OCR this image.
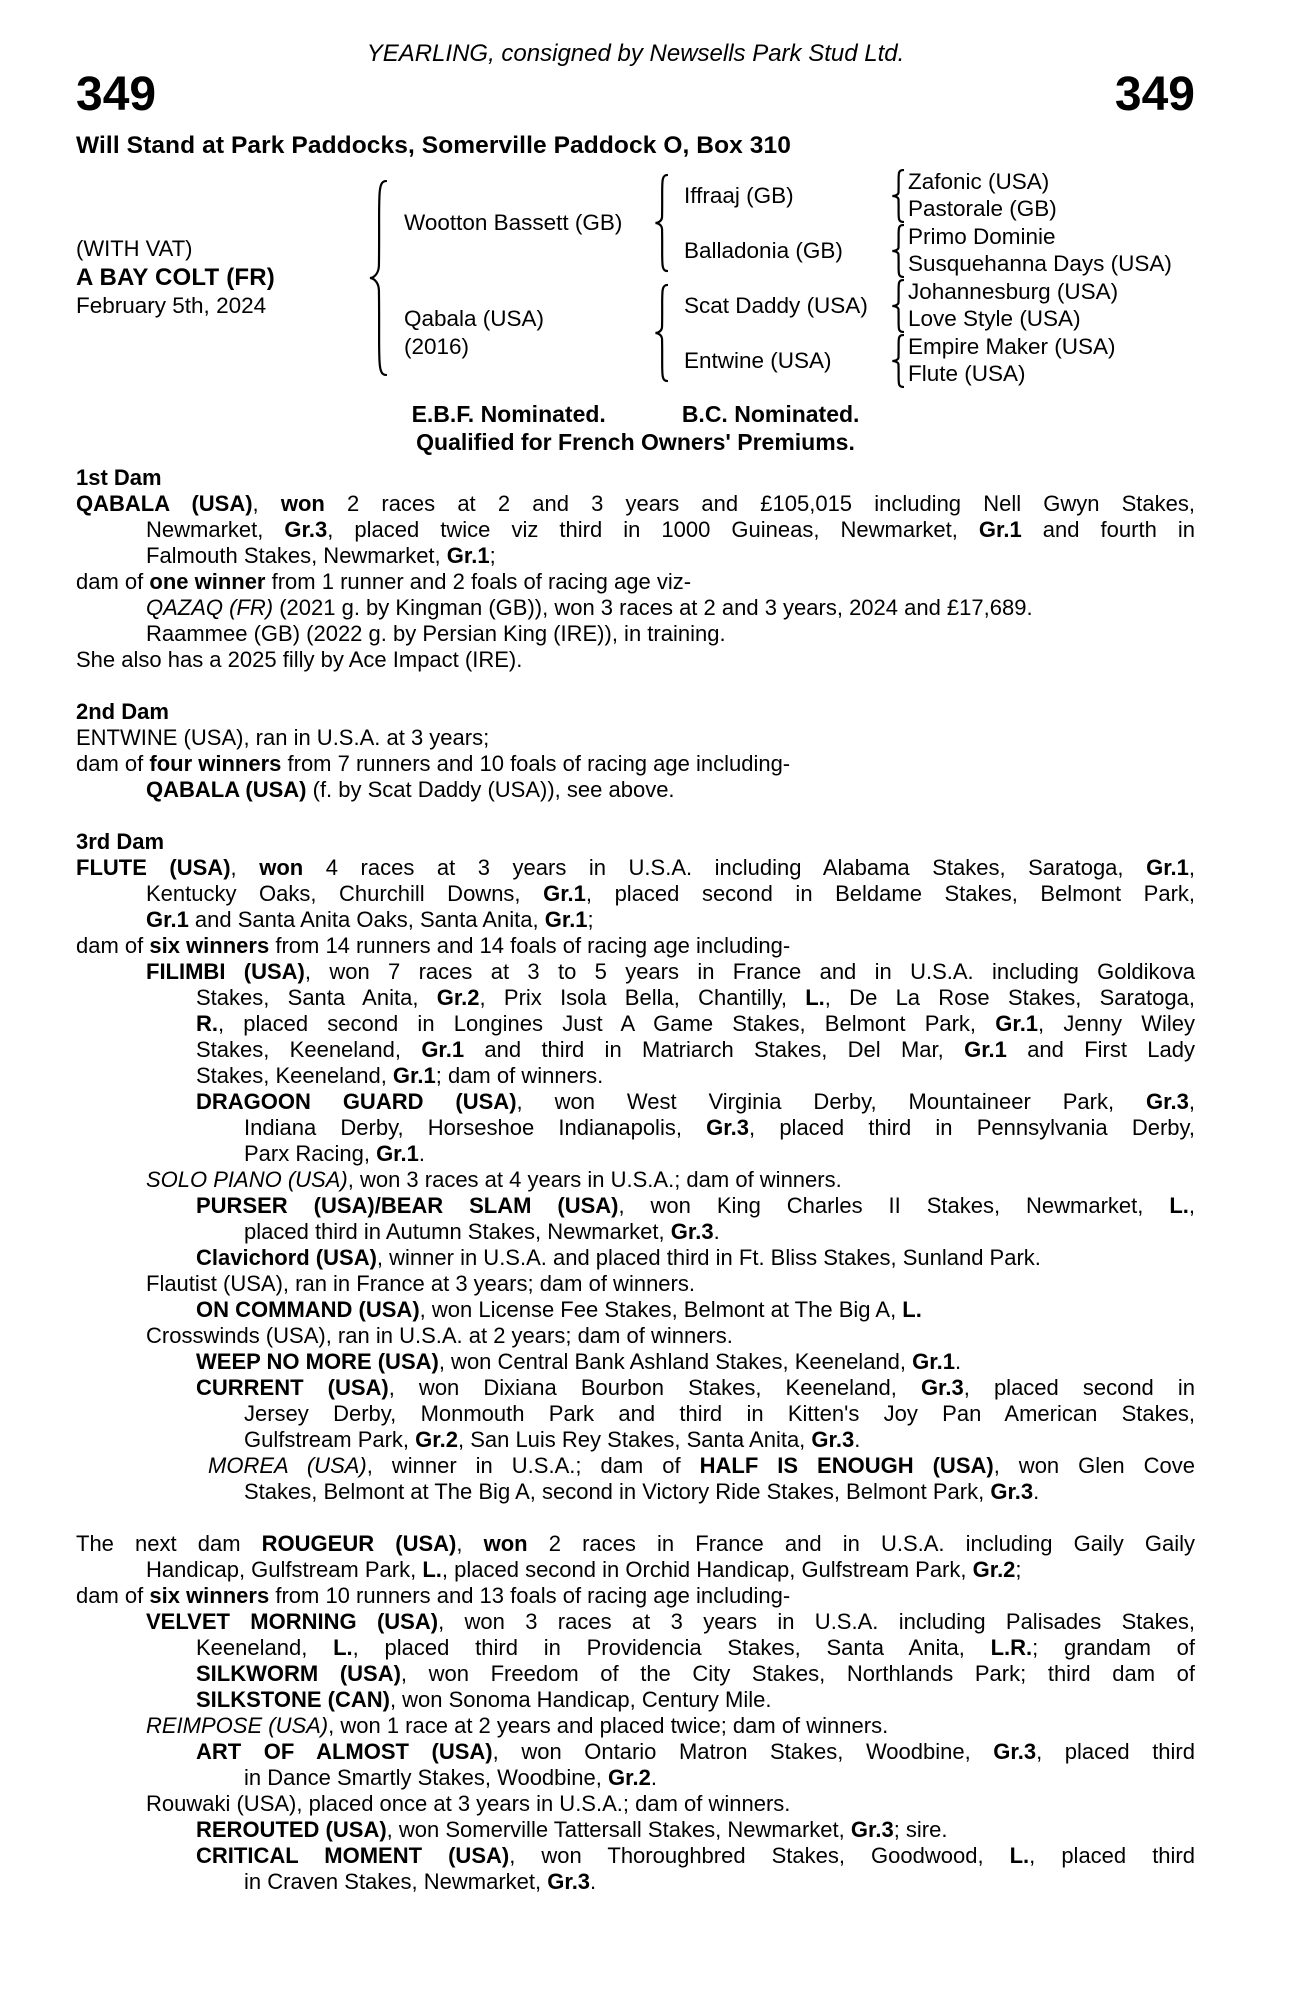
YEARLING, consigned by Newsells Park Stud Ltd.
349	349
Will Stand at Park Paddocks, Somerville Paddock O, Box 310
(WITH VAT)
A BAY COLT (FR)
February 5th, 2024
Wootton Bassett (GB)
Qabala (USA)
(2016)
Iffraaj (GB)
Balladonia (GB)
Scat Daddy (USA)
Entwine (USA)
Zafonic (USA)
Pastorale (GB)
Primo Dominie
Susquehanna Days (USA)
Johannesburg (USA)
Love Style (USA)
Empire Maker (USA)
Flute (USA)
E.B.F. Nominated.	B.C. Nominated.
Qualified for French Owners' Premiums.
1st Dam
QABALA (USA), won 2 races at 2 and 3 years and £105,015 including Nell Gwyn Stakes,
Newmarket, Gr.3, placed twice viz third in 1000 Guineas, Newmarket, Gr.1 and fourth in
Falmouth Stakes, Newmarket, Gr.1;
dam of one winner from 1 runner and 2 foals of racing age viz-
QAZAQ (FR) (2021 g. by Kingman (GB)), won 3 races at 2 and 3 years, 2024 and £17,689.
Raammee (GB) (2022 g. by Persian King (IRE)), in training.
She also has a 2025 filly by Ace Impact (IRE).
2nd Dam
ENTWINE (USA), ran in U.S.A. at 3 years;
dam of four winners from 7 runners and 10 foals of racing age including-
QABALA (USA) (f. by Scat Daddy (USA)), see above.
3rd Dam
FLUTE (USA), won 4 races at 3 years in U.S.A. including Alabama Stakes, Saratoga, Gr.1,
Kentucky Oaks, Churchill Downs, Gr.1, placed second in Beldame Stakes, Belmont Park,
Gr.1 and Santa Anita Oaks, Santa Anita, Gr.1;
dam of six winners from 14 runners and 14 foals of racing age including-
FILIMBI (USA), won 7 races at 3 to 5 years in France and in U.S.A. including Goldikova
Stakes, Santa Anita, Gr.2, Prix Isola Bella, Chantilly, L., De La Rose Stakes, Saratoga,
R., placed second in Longines Just A Game Stakes, Belmont Park, Gr.1, Jenny Wiley
Stakes, Keeneland, Gr.1 and third in Matriarch Stakes, Del Mar, Gr.1 and First Lady
Stakes, Keeneland, Gr.1; dam of winners.
DRAGOON GUARD (USA), won West Virginia Derby, Mountaineer Park, Gr.3,
Indiana Derby, Horseshoe Indianapolis, Gr.3, placed third in Pennsylvania Derby,
Parx Racing, Gr.1.
SOLO PIANO (USA), won 3 races at 4 years in U.S.A.; dam of winners.
PURSER (USA)/BEAR SLAM (USA), won King Charles II Stakes, Newmarket, L.,
placed third in Autumn Stakes, Newmarket, Gr.3.
Clavichord (USA), winner in U.S.A. and placed third in Ft. Bliss Stakes, Sunland Park.
Flautist (USA), ran in France at 3 years; dam of winners.
ON COMMAND (USA), won License Fee Stakes, Belmont at The Big A, L.
Crosswinds (USA), ran in U.S.A. at 2 years; dam of winners.
WEEP NO MORE (USA), won Central Bank Ashland Stakes, Keeneland, Gr.1.
CURRENT (USA), won Dixiana Bourbon Stakes, Keeneland, Gr.3, placed second in
Jersey Derby, Monmouth Park and third in Kitten's Joy Pan American Stakes,
Gulfstream Park, Gr.2, San Luis Rey Stakes, Santa Anita, Gr.3.
MOREA (USA), winner in U.S.A.; dam of HALF IS ENOUGH (USA), won Glen Cove
Stakes, Belmont at The Big A, second in Victory Ride Stakes, Belmont Park, Gr.3.
The next dam ROUGEUR (USA), won 2 races in France and in U.S.A. including Gaily Gaily
Handicap, Gulfstream Park, L., placed second in Orchid Handicap, Gulfstream Park, Gr.2;
dam of six winners from 10 runners and 13 foals of racing age including-
VELVET MORNING (USA), won 3 races at 3 years in U.S.A. including Palisades Stakes,
Keeneland, L., placed third in Providencia Stakes, Santa Anita, L.R.; grandam of
SILKWORM (USA), won Freedom of the City Stakes, Northlands Park; third dam of
SILKSTONE (CAN), won Sonoma Handicap, Century Mile.
REIMPOSE (USA), won 1 race at 2 years and placed twice; dam of winners.
ART OF ALMOST (USA), won Ontario Matron Stakes, Woodbine, Gr.3, placed third
in Dance Smartly Stakes, Woodbine, Gr.2.
Rouwaki (USA), placed once at 3 years in U.S.A.; dam of winners.
REROUTED (USA), won Somerville Tattersall Stakes, Newmarket, Gr.3; sire.
CRITICAL MOMENT (USA), won Thoroughbred Stakes, Goodwood, L., placed third
in Craven Stakes, Newmarket, Gr.3.
